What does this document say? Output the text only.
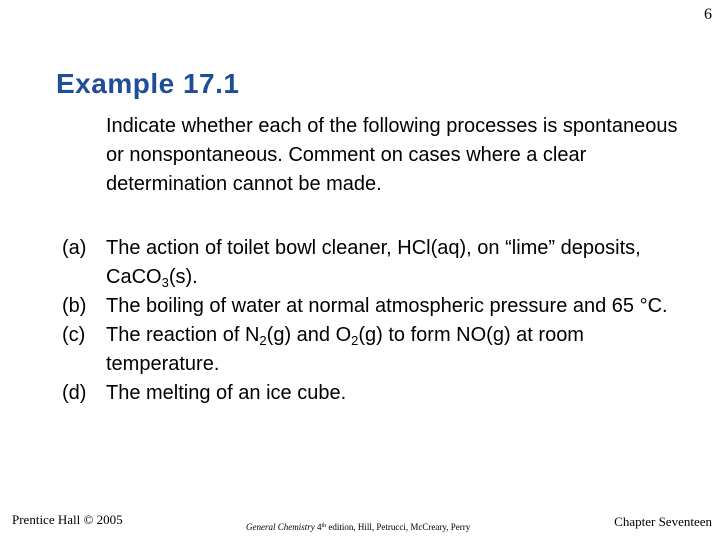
6
Example 17.1
Indicate whether each of the following processes is spontaneous or nonspontaneous. Comment on cases where a clear determination cannot be made.
(a) The action of toilet bowl cleaner, HCl(aq), on “lime” deposits, CaCO$_3$(s).
(b) The boiling of water at normal atmospheric pressure and 65 °C.
(c)	The reaction of $N_2(g)$ and $O_2(g)$ to form NO(g) at room temperature.
(d) The melting of an ice cube.
Prentice Hall © 2005	General Chemistry 4th edition, Hill, Petrucci, McCreary, Perry	Chapter Seventeen
